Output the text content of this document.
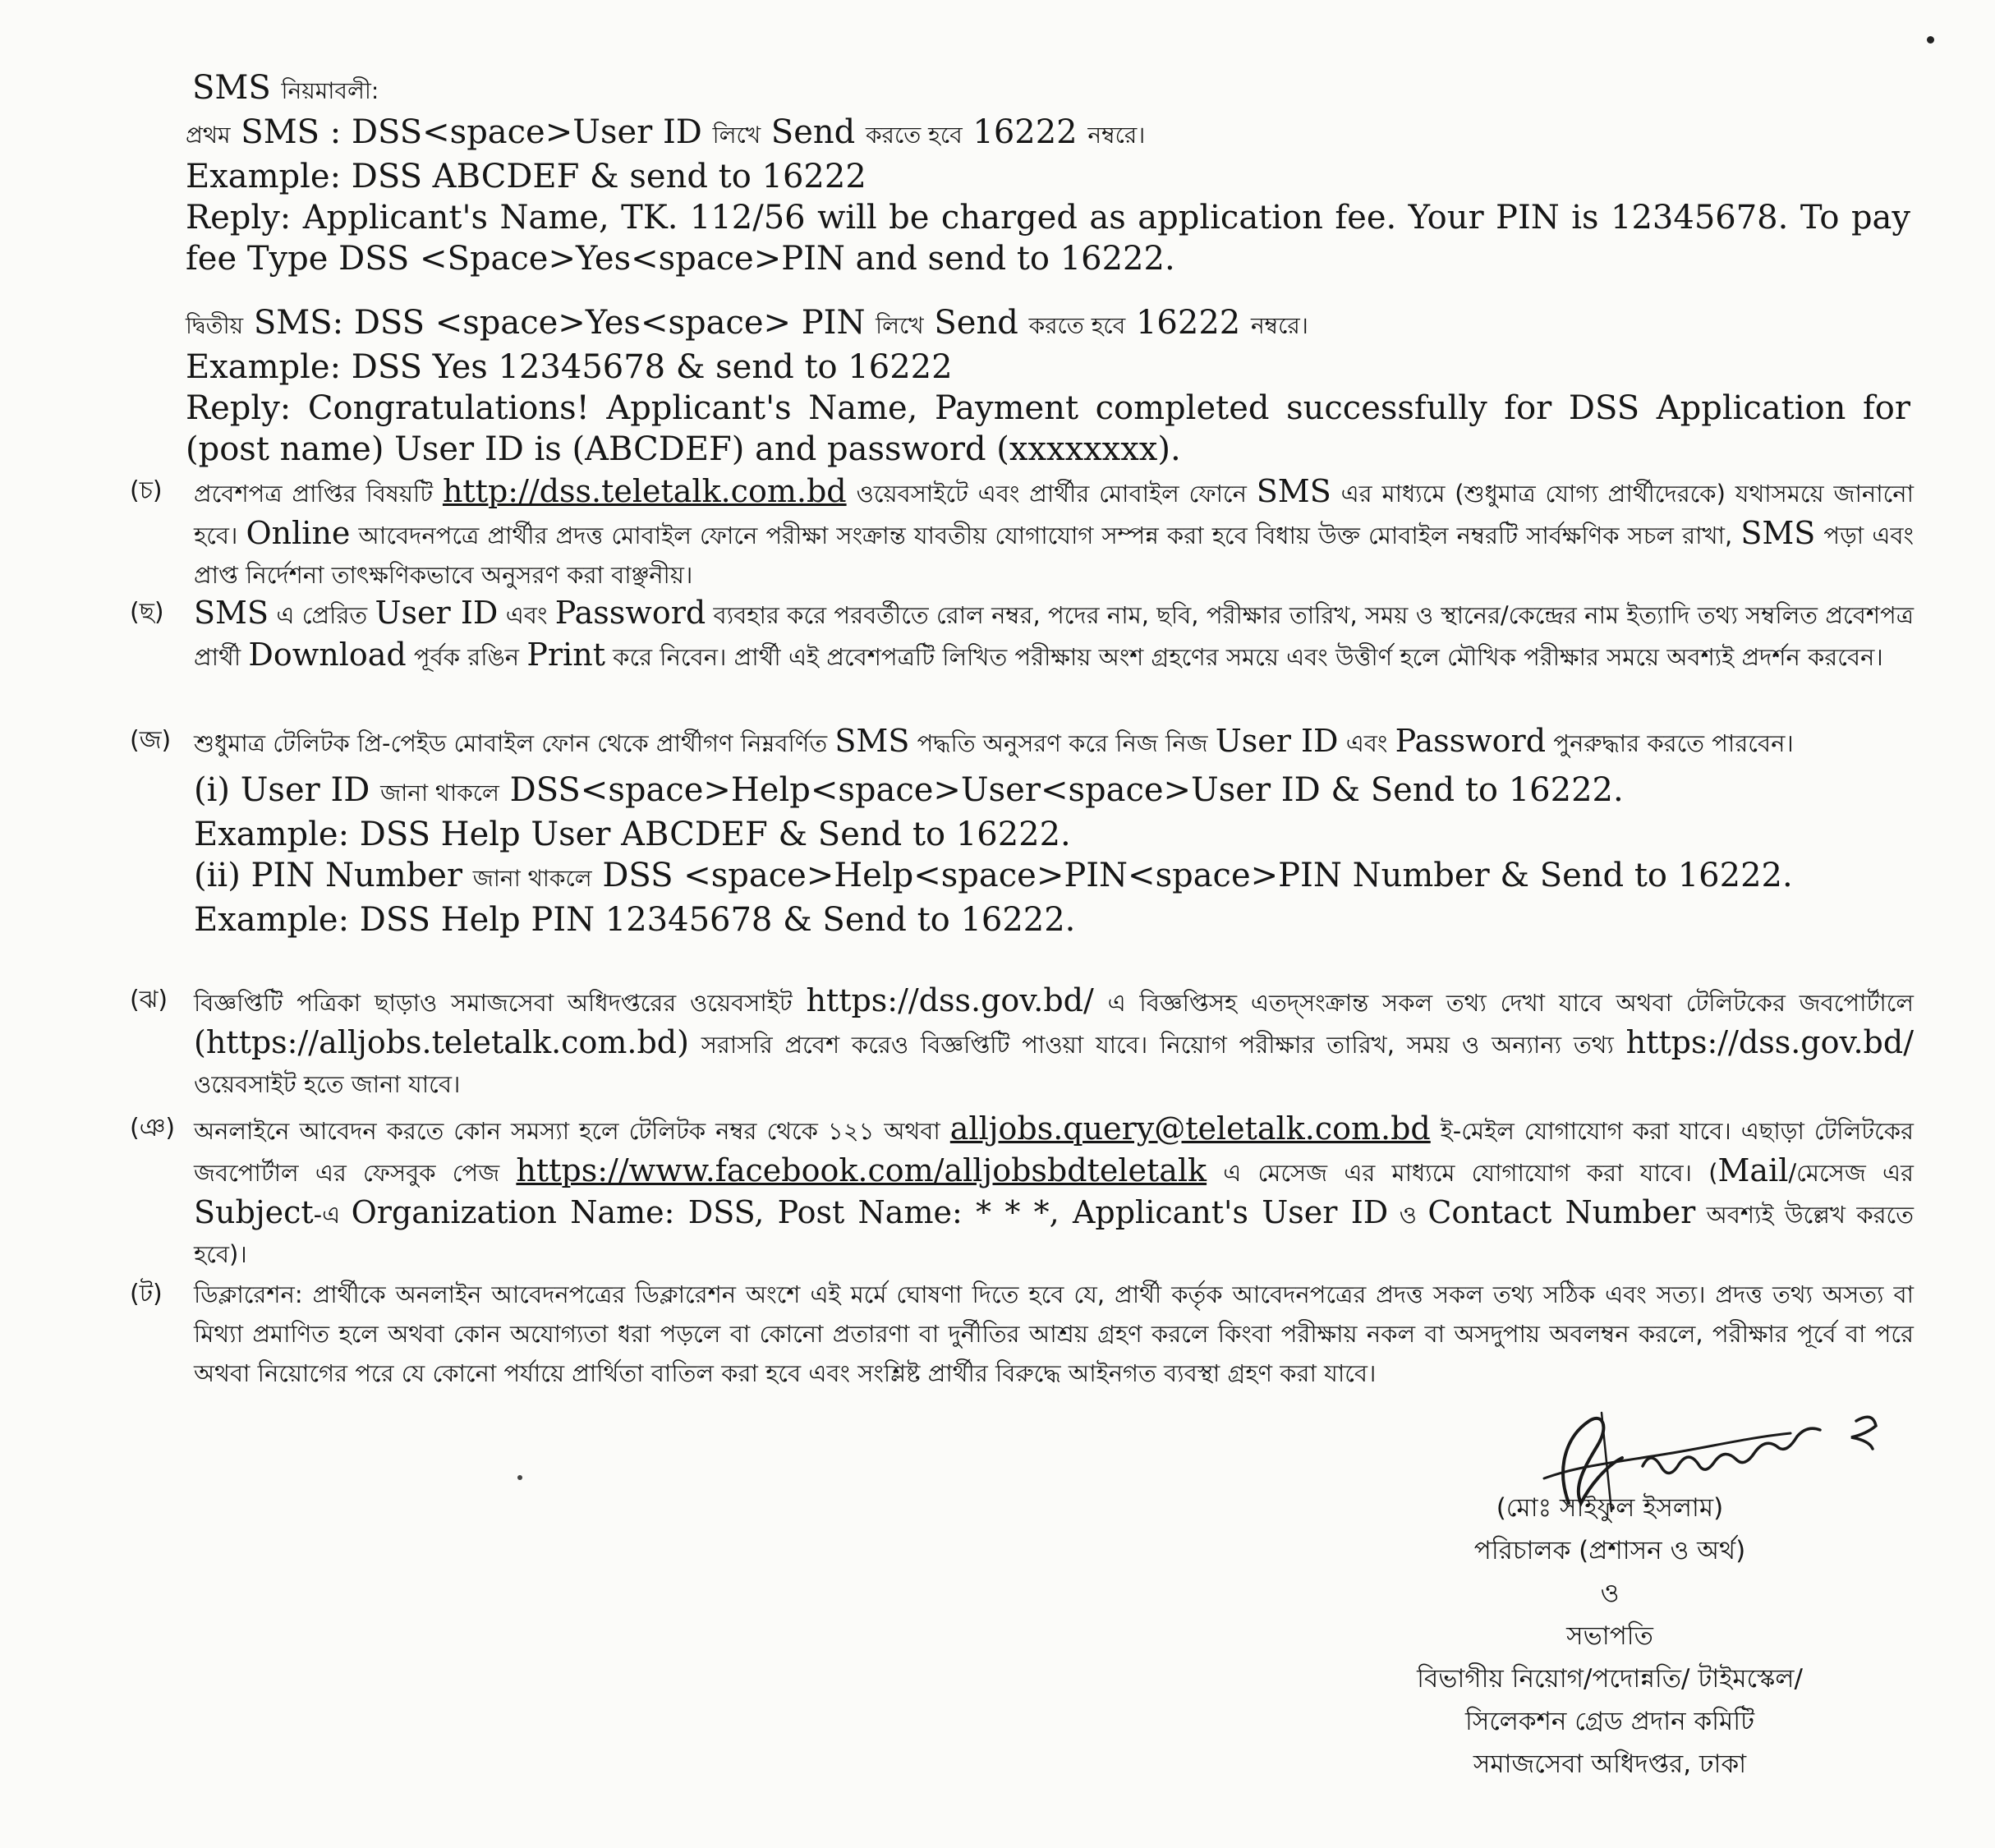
SMS নিয়মাবলী:
প্রথম SMS : DSS<space>User ID লিখে Send করতে হবে 16222 নম্বরে।
Example: DSS ABCDEF & send to 16222
Reply: Applicant's Name, TK. 112/56 will be charged as application fee. Your PIN is 12345678. To pay fee Type DSS <Space>Yes<space>PIN and send to 16222.
দ্বিতীয় SMS: DSS <space>Yes<space> PIN লিখে Send করতে হবে 16222 নম্বরে।
Example: DSS Yes 12345678 & send to 16222
Reply: Congratulations! Applicant's Name, Payment completed successfully for DSS Application for (post name) User ID is (ABCDEF) and password (xxxxxxxx).
(চ)	প্রবেশপত্র প্রাপ্তির বিষয়টি http://dss.teletalk.com.bd ওয়েবসাইটে এবং প্রার্থীর মোবাইল ফোনে SMS এর মাধ্যমে (শুধুমাত্র যোগ্য প্রার্থীদেরকে) যথাসময়ে জানানো হবে। Online আবেদনপত্রে প্রার্থীর প্রদত্ত মোবাইল ফোনে পরীক্ষা সংক্রান্ত যাবতীয় যোগাযোগ সম্পন্ন করা হবে বিধায় উক্ত মোবাইল নম্বরটি সার্বক্ষণিক সচল রাখা, SMS পড়া এবং প্রাপ্ত নির্দেশনা তাৎক্ষণিকভাবে অনুসরণ করা বাঞ্ছনীয়।
(ছ) SMS এ প্রেরিত User ID এবং Password ব্যবহার করে পরবর্তীতে রোল নম্বর, পদের নাম, ছবি, পরীক্ষার তারিখ, সময় ও স্থানের/কেন্দ্রের নাম ইত্যাদি তথ্য সম্বলিত প্রবেশপত্র প্রার্থী Download পূর্বক রঙিন Print করে নিবেন। প্রার্থী এই প্রবেশপত্রটি লিখিত পরীক্ষায় অংশ গ্রহণের সময়ে এবং উত্তীর্ণ হলে মৌখিক পরীক্ষার সময়ে অবশ্যই প্রদর্শন করবেন।
(জ) শুধুমাত্র টেলিটক প্রি-পেইড মোবাইল ফোন থেকে প্রার্থীগণ নিম্নবর্ণিত SMS পদ্ধতি অনুসরণ করে নিজ নিজ User ID এবং Password পুনরুদ্ধার করতে পারবেন।
(i) User ID জানা থাকলে DSS<space>Help<space>User<space>User ID & Send to 16222.
Example: DSS Help User ABCDEF & Send to 16222.
(ii) PIN Number জানা থাকলে DSS <space>Help<space>PIN<space>PIN Number & Send to 16222.
Example: DSS Help PIN 12345678 & Send to 16222.
(ঝ)	বিজ্ঞপ্তিটি পত্রিকা ছাড়াও সমাজসেবা অধিদপ্তরের ওয়েবসাইট https://dss.gov.bd/ এ বিজ্ঞপ্তিসহ এতদ্‌সংক্রান্ত সকল তথ্য দেখা যাবে অথবা টেলিটকের জবপোর্টালে (https://alljobs.teletalk.com.bd) সরাসরি প্রবেশ করেও বিজ্ঞপ্তিটি পাওয়া যাবে। নিয়োগ পরীক্ষার তারিখ, সময় ও অন্যান্য তথ্য https://dss.gov.bd/ ওয়েবসাইট হতে জানা যাবে।
(ঞ) অনলাইনে আবেদন করতে কোন সমস্যা হলে টেলিটক নম্বর থেকে ১২১ অথবা alljobs.query@teletalk.com.bd ই-মেইল যোগাযোগ করা যাবে। এছাড়া টেলিটকের জবপোর্টাল এর ফেসবুক পেজ https://www.facebook.com/alljobsbdteletalk এ মেসেজ এর মাধ্যমে যোগাযোগ করা যাবে। (Mail/মেসেজ এর Subject-এ Organization Name: DSS, Post Name: * * *, Applicant's User ID ও Contact Number অবশ্যই উল্লেখ করতে হবে)।
(ট)	ডিক্লারেশন: প্রার্থীকে অনলাইন আবেদনপত্রের ডিক্লারেশন অংশে এই মর্মে ঘোষণা দিতে হবে যে, প্রার্থী কর্তৃক আবেদনপত্রের প্রদত্ত সকল তথ্য সঠিক এবং সত্য। প্রদত্ত তথ্য অসত্য বা মিথ্যা প্রমাণিত হলে অথবা কোন অযোগ্যতা ধরা পড়লে বা কোনো প্রতারণা বা দুর্নীতির আশ্রয় গ্রহণ করলে কিংবা পরীক্ষায় নকল বা অসদুপায় অবলম্বন করলে, পরীক্ষার পূর্বে বা পরে অথবা নিয়োগের পরে যে কোনো পর্যায়ে প্রার্থিতা বাতিল করা হবে এবং সংশ্লিষ্ট প্রার্থীর বিরুদ্ধে আইনগত ব্যবস্থা গ্রহণ করা যাবে।
(মোঃ সাইফুল ইসলাম)
পরিচালক (প্রশাসন ও অর্থ)
ও
সভাপতি
বিভাগীয় নিয়োগ/পদোন্নতি/ টাইমস্কেল/
সিলেকশন গ্রেড প্রদান কমিটি
সমাজসেবা অধিদপ্তর, ঢাকা
